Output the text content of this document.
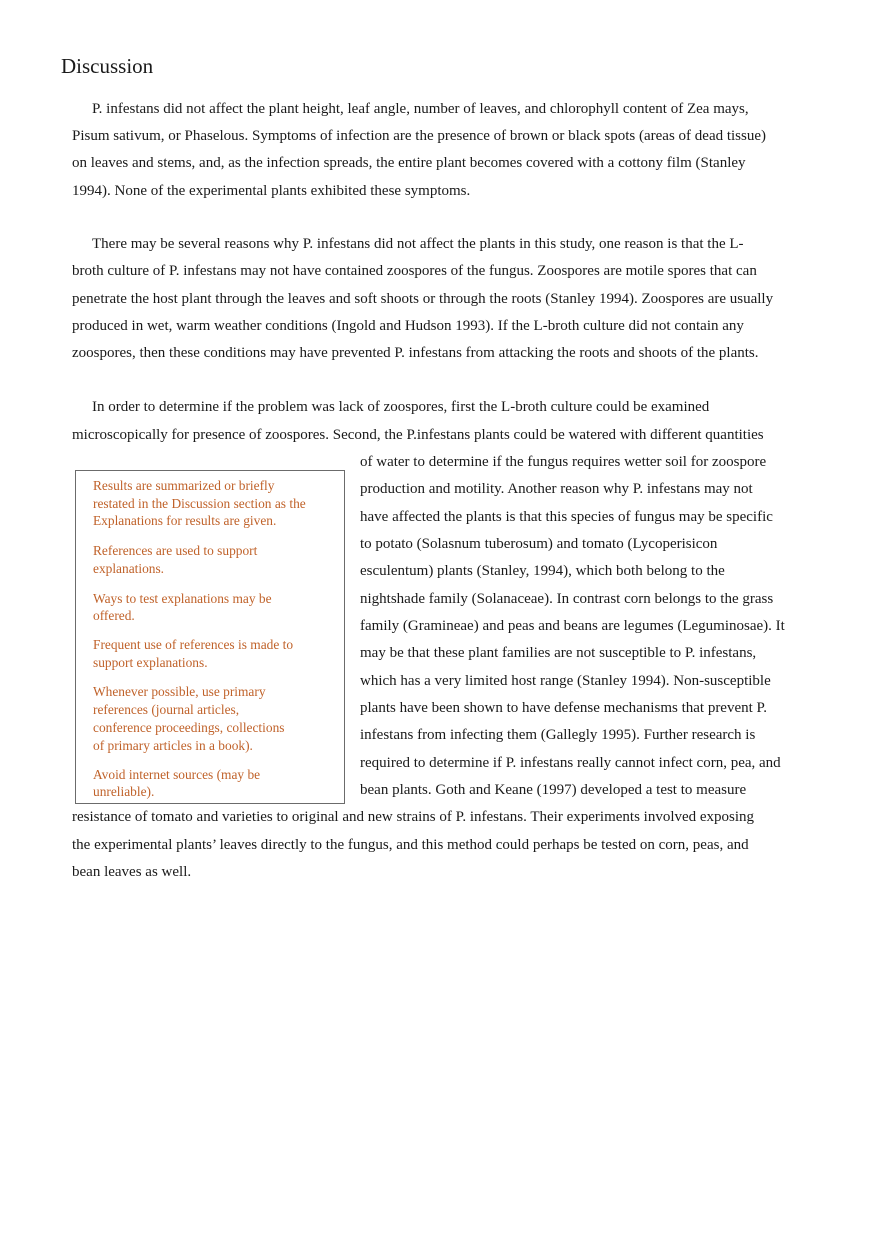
Discussion
P. infestans did not affect the plant height, leaf angle, number of leaves, and chlorophyll content of Zea mays,
Pisum sativum, or Phaselous. Symptoms of infection are the presence of brown or black spots (areas of dead tissue)
on leaves and stems, and, as the infection spreads, the entire plant becomes covered with a cottony film (Stanley
1994). None of the experimental plants exhibited these symptoms.
There may be several reasons why P. infestans did not affect the plants in this study, one reason is that the L-
broth culture of P. infestans may not have contained zoospores of the fungus. Zoospores are motile spores that can
penetrate the host plant through the leaves and soft shoots or through the roots (Stanley 1994). Zoospores are usually
produced in wet, warm weather conditions (Ingold and Hudson 1993). If the L-broth culture did not contain any
zoospores, then these conditions may have prevented P. infestans from attacking the roots and shoots of the plants.
In order to determine if the problem was lack of zoospores, first the L-broth culture could be examined
microscopically for presence of zoospores. Second, the P.infestans plants could be watered with different quantities
of water to determine if the fungus requires wetter soil for zoospore
production and motility. Another reason why P. infestans may not
have affected the plants is that this species of fungus may be specific
to potato (Solasnum tuberosum) and tomato (Lycoperisicon
esculentum) plants (Stanley, 1994), which both belong to the
nightshade family (Solanaceae). In contrast corn belongs to the grass
family (Gramineae) and peas and beans are legumes (Leguminosae). It
may be that these plant families are not susceptible to P. infestans,
which has a very limited host range (Stanley 1994). Non-susceptible
plants have been shown to have defense mechanisms that prevent P.
infestans from infecting them (Gallegly 1995). Further research is
required to determine if P. infestans really cannot infect corn, pea, and
bean plants. Goth and Keane (1997) developed a test to measure
resistance of tomato and varieties to original and new strains of P. infestans. Their experiments involved exposing
the experimental plants’ leaves directly to the fungus, and this method could perhaps be tested on corn, peas, and
bean leaves as well.
Results are summarized or briefly
restated in the Discussion section as the
Explanations for results are given.
References are used to support
explanations.
Ways to test explanations may be
offered.
Frequent use of references is made to
support explanations.
Whenever possible, use primary
references (journal articles,
conference proceedings, collections
of primary articles in a book).
Avoid internet sources (may be
unreliable).
